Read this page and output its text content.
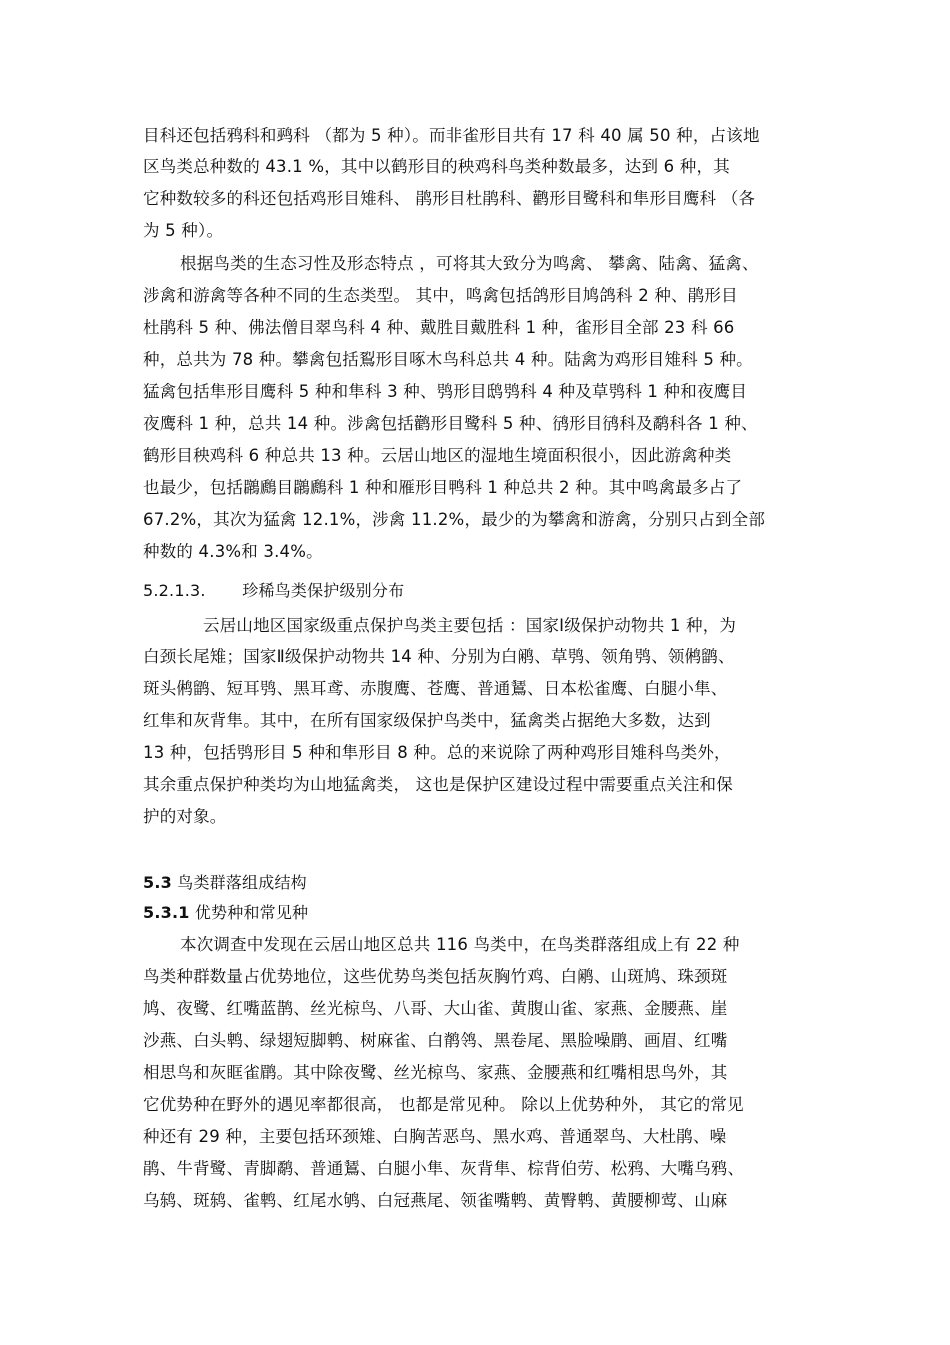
目科还包括鸦科和鹀科 （都为 5 种）。而非雀形目共有 17 科 40 属 50 种，占该地
区鸟类总种数的 43.1 %，其中以鹤形目的秧鸡科鸟类种数最多，达到 6 种，其
它种数较多的科还包括鸡形目雉科、 鹃形目杜鹃科、鹳形目鹭科和隼形目鹰科 （各
为 5 种）。
根据鸟类的生态习性及形态特点 ，可将其大致分为鸣禽、 攀禽、陆禽、猛禽、
涉禽和游禽等各种不同的生态类型。 其中，鸣禽包括鸽形目鸠鸽科 2 种、鹃形目
杜鹃科 5 种、佛法僧目翠鸟科 4 种、戴胜目戴胜科 1 种，雀形目全部 23 科 66
种，总共为 78 种。攀禽包括鴷形目啄木鸟科总共 4 种。陆禽为鸡形目雉科 5 种。
猛禽包括隼形目鹰科 5 种和隼科 3 种、鸮形目鸱鸮科 4 种及草鸮科 1 种和夜鹰目
夜鹰科 1 种，总共 14 种。涉禽包括鹳形目鹭科 5 种、鸻形目鸻科及鹬科各 1 种、
鹤形目秧鸡科 6 种总共 13 种。云居山地区的湿地生境面积很小，因此游禽种类
也最少，包括鸊鷉目鸊鷉科 1 种和雁形目鸭科 1 种总共 2 种。其中鸣禽最多占了
67.2%，其次为猛禽 12.1%，涉禽 11.2%，最少的为攀禽和游禽，分别只占到全部
种数的 4.3%和 3.4%。
5.2.1.3. 珍稀鸟类保护级别分布
云居山地区国家级重点保护鸟类主要包括 ：国家Ⅰ级保护动物共 1 种，为
白颈长尾雉；国家Ⅱ级保护动物共 14 种、分别为白鹇、草鸮、领角鸮、领鸺鹠、
斑头鸺鹠、短耳鸮、黑耳鸢、赤腹鹰、苍鹰、普通鵟、日本松雀鹰、白腿小隼、
红隼和灰背隼。其中，在所有国家级保护鸟类中，猛禽类占据绝大多数，达到
13 种，包括鸮形目 5 种和隼形目 8 种。总的来说除了两种鸡形目雉科鸟类外，
其余重点保护种类均为山地猛禽类， 这也是保护区建设过程中需要重点关注和保
护的对象。
5.3 鸟类群落组成结构
5.3.1 优势种和常见种
本次调查中发现在云居山地区总共 116 鸟类中，在鸟类群落组成上有 22 种
鸟类种群数量占优势地位，这些优势鸟类包括灰胸竹鸡、白鹇、山斑鸠、珠颈斑
鸠、夜鹭、红嘴蓝鹊、丝光椋鸟、八哥、大山雀、黄腹山雀、家燕、金腰燕、崖
沙燕、白头鹎、绿翅短脚鹎、树麻雀、白鹡鸰、黑卷尾、黑脸噪鹛、画眉、红嘴
相思鸟和灰眶雀鹛。其中除夜鹭、丝光椋鸟、家燕、金腰燕和红嘴相思鸟外，其
它优势种在野外的遇见率都很高， 也都是常见种。 除以上优势种外， 其它的常见
种还有 29 种，主要包括环颈雉、白胸苦恶鸟、黑水鸡、普通翠鸟、大杜鹃、噪
鹃、牛背鹭、青脚鹬、普通鵟、白腿小隼、灰背隼、棕背伯劳、松鸦、大嘴乌鸦、
乌鸫、斑鸫、雀鹎、红尾水鸲、白冠燕尾、领雀嘴鹎、黄臀鹎、黄腰柳莺、山麻
